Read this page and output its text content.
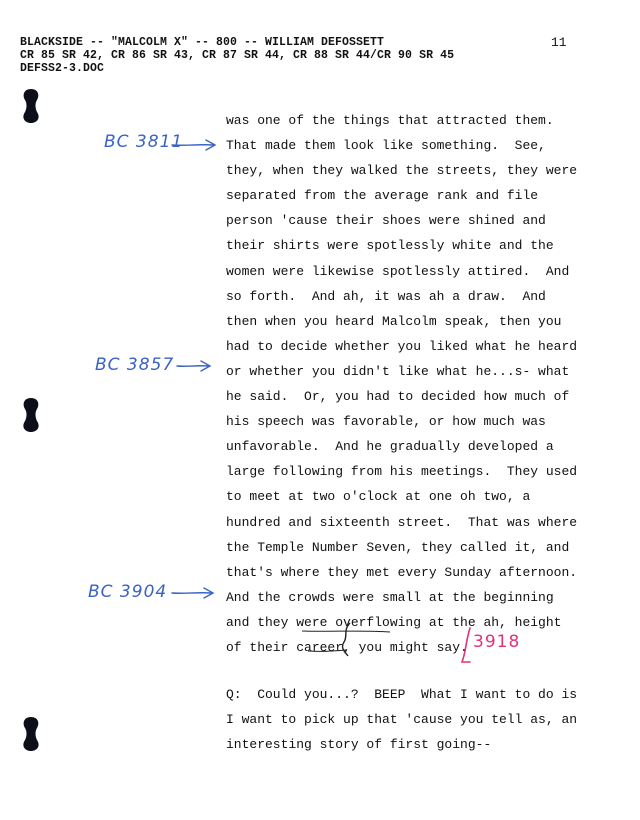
BLACKSIDE -- "MALCOLM X" -- 800 -- WILLIAM DEFOSSETT
CR 85 SR 42, CR 86 SR 43, CR 87 SR 44, CR 88 SR 44/CR 90 SR 45
DEFSS2-3.DOC
11
was one of the things that attracted them.
That made them look like something.  See,
they, when they walked the streets, they were
separated from the average rank and file
person 'cause their shoes were shined and
their shirts were spotlessly white and the
women were likewise spotlessly attired.  And
so forth.  And ah, it was ah a draw.  And
then when you heard Malcolm speak, then you
had to decide whether you liked what he heard
or whether you didn't like what he...s- what
he said.  Or, you had to decided how much of
his speech was favorable, or how much was
unfavorable.  And he gradually developed a
large following from his meetings.  They used
to meet at two o'clock at one oh two, a
hundred and sixteenth street.  That was where
the Temple Number Seven, they called it, and
that's where they met every Sunday afternoon.
And the crowds were small at the beginning
and they were overflowing at the ah, height
of their career, you might say.
Q:  Could you...?  BEEP  What I want to do is
I want to pick up that 'cause you tell as, an
interesting story of first going--
BC 3811
BC 3857
BC 3904
3918
